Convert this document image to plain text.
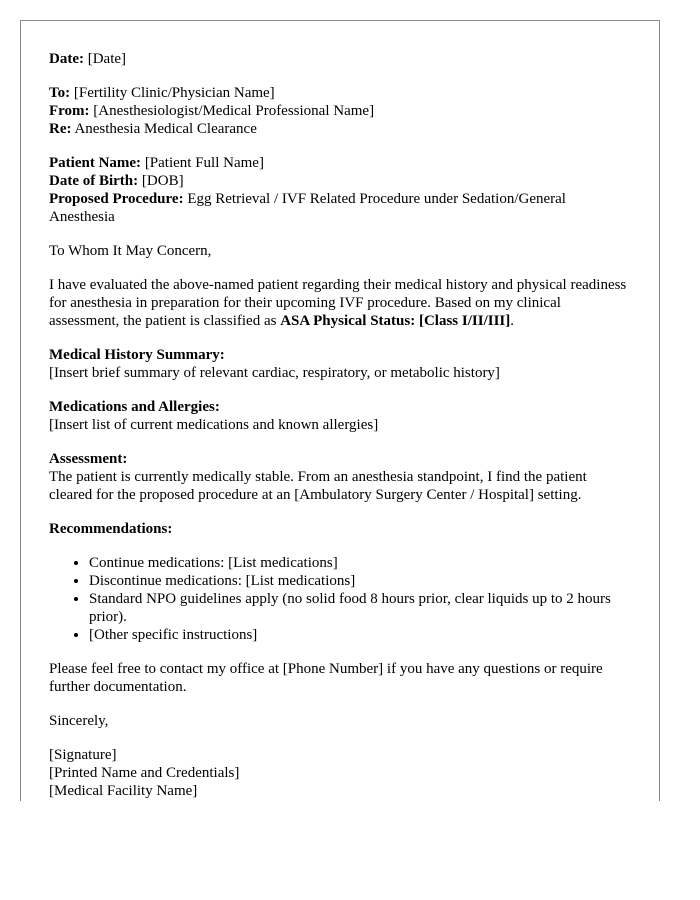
Date: [Date]

To: [Fertility Clinic/Physician Name]
From: [Anesthesiologist/Medical Professional Name]
Re: Anesthesia Medical Clearance

Patient Name: [Patient Full Name]
Date of Birth: [DOB]
Proposed Procedure: Egg Retrieval / IVF Related Procedure under Sedation/General Anesthesia

To Whom It May Concern,

I have evaluated the above-named patient regarding their medical history and physical readiness for anesthesia in preparation for their upcoming IVF procedure. Based on my clinical assessment, the patient is classified as ASA Physical Status: [Class I/II/III].

Medical History Summary:
[Insert brief summary of relevant cardiac, respiratory, or metabolic history]

Medications and Allergies:
[Insert list of current medications and known allergies]

Assessment:
The patient is currently medically stable. From an anesthesia standpoint, I find the patient cleared for the proposed procedure at an [Ambulatory Surgery Center / Hospital] setting.

Recommendations:

• Continue medications: [List medications]
• Discontinue medications: [List medications]
• Standard NPO guidelines apply (no solid food 8 hours prior, clear liquids up to 2 hours prior).
• [Other specific instructions]

Please feel free to contact my office at [Phone Number] if you have any questions or require further documentation.

Sincerely,

[Signature]
[Printed Name and Credentials]
[Medical Facility Name]
